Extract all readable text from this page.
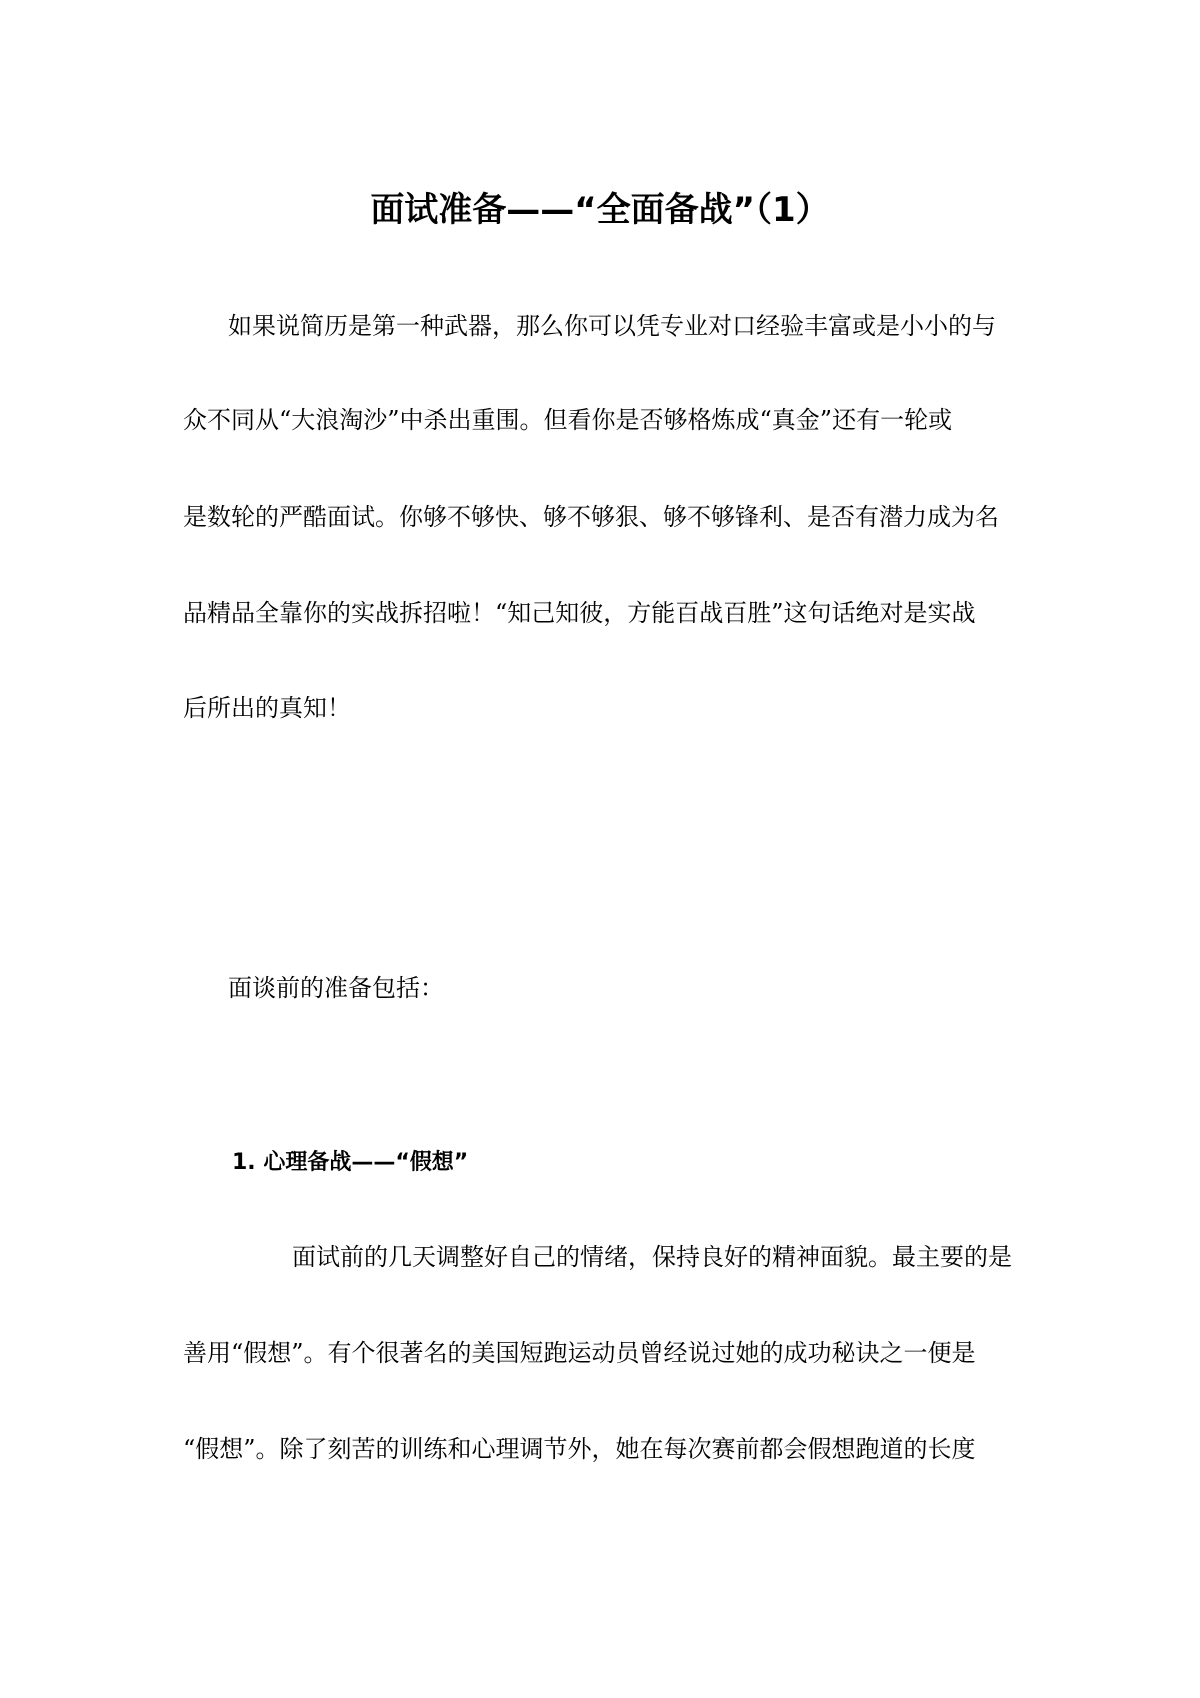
面试准备——“全面备战”（1）
如果说简历是第一种武器，那么你可以凭专业对口经验丰富或是小小的与
众不同从“大浪淘沙”中杀出重围。但看你是否够格炼成“真金”还有一轮或
是数轮的严酷面试。你够不够快、够不够狠、够不够锋利、是否有潜力成为名
品精品全靠你的实战拆招啦！“知己知彼，方能百战百胜”这句话绝对是实战
后所出的真知！
面谈前的准备包括：
1. 心理备战——“假想”
面试前的几天调整好自己的情绪，保持良好的精神面貌。最主要的是
善用“假想”。有个很著名的美国短跑运动员曾经说过她的成功秘诀之一便是
“假想”。除了刻苦的训练和心理调节外，她在每次赛前都会假想跑道的长度
